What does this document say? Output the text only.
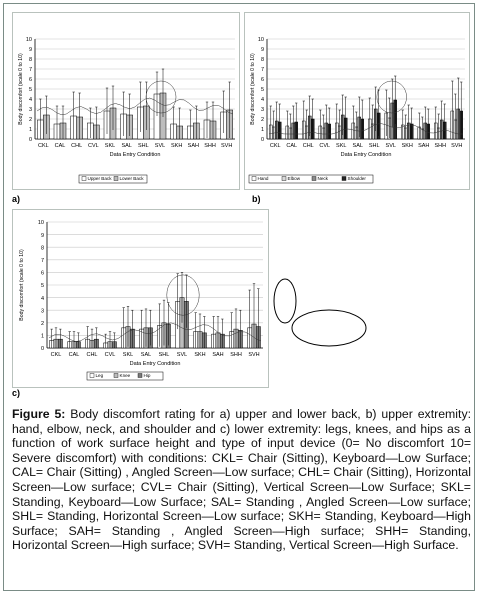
0
1
2
3
4
5
6
7
8
9
10
Body discomfort (scale 0 to 10)
CKL CAL CHL CVL SKL SAL SHL SVL SKH SAH SHH SVH
Data Entry Condition
Upper Back Lower Back
a)
0
1
2
3
4
5
6
7
8
9
10
Body discomfort (scale 0 to 10)
CKL CAL CHL CVL SKL SAL SHL SVL SKH SAH SHH SVH
Data Entry Condition
Hand	Elbow	Neck	Shoulder
b)
0
1
2
3
4
5
6
7
8
9
10
Body discomfort (scale 0 to 10)
CKL CAL CHL CVL SKL SAL SHL SVL SKH SAH SHH SVH
Data Entry Condition
Leg	Knee	Hip
c)
Figure 5: Body discomfort rating for a) upper and lower back, b) upper extremity: hand, elbow, neck, and shoulder and c) lower extremity: legs, knees, and hips as a function of work surface height and type of input device (0= No discomfort 10= Severe discomfort) with conditions: CKL= Chair (Sitting), Keyboard—Low Surface; CAL= Chair (Sitting) , Angled Screen—Low surface; CHL= Chair (Sitting), Horizontal Screen—Low surface; CVL= Chair (Sitting), Vertical Screen—Low Surface; SKL= Standing, Keyboard—Low Surface; SAL= Standing , Angled Screen—Low surface; SHL= Standing, Horizontal Screen—Low surface; SKH= Standing, Keyboard—High Surface; SAH= Standing , Angled Screen—High surface; SHH= Standing, Horizontal Screen—High surface; SVH= Standing, Vertical Screen—High Surface.
